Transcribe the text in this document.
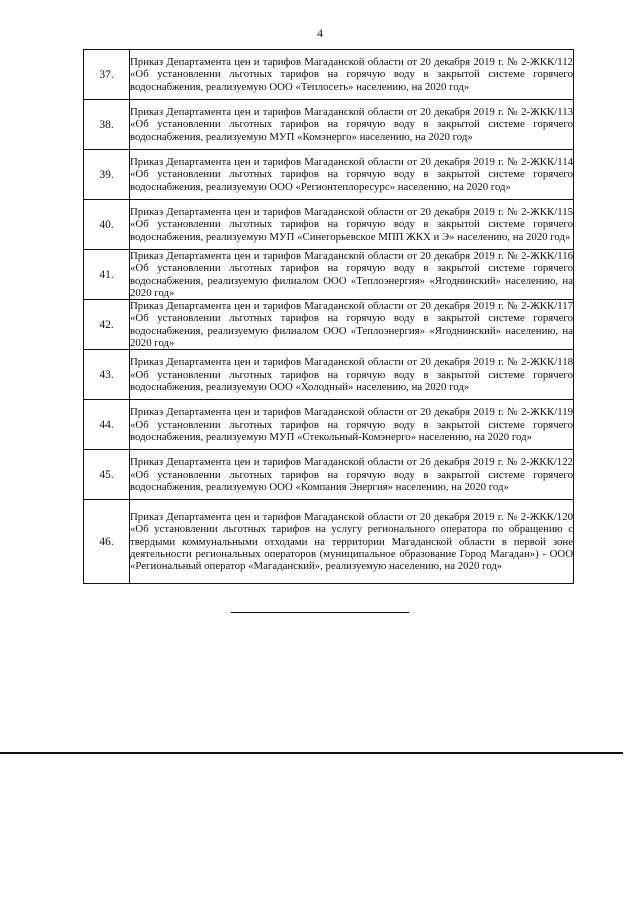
4
37.	Приказ Департамента цен и тарифов Магаданской области от 20 декабря 2019 г. № 2-ЖКК/112 «Об установлении льготных тарифов на горячую воду в закрытой системе горячего водоснабжения, реализуемую ООО «Теплосеть» населению, на 2020 год»
38.	Приказ Департамента цен и тарифов Магаданской области от 20 декабря 2019 г. № 2-ЖКК/113 «Об установлении льготных тарифов на горячую воду в закрытой системе горячего водоснабжения, реализуемую МУП «Комэнерго» населению, на 2020 год»
39.	Приказ Департамента цен и тарифов Магаданской области от 20 декабря 2019 г. № 2-ЖКК/114 «Об установлении льготных тарифов на горячую воду в закрытой системе горячего водоснабжения, реализуемую ООО «Регионтеплоресурс» населению, на 2020 год»
40.	Приказ Департамента цен и тарифов Магаданской области от 20 декабря 2019 г. № 2-ЖКК/115 «Об установлении льготных тарифов на горячую воду в закрытой системе горячего водоснабжения, реализуемую МУП «Синегорьевское МПП ЖКХ и Э» населению, на 2020 год»
41.	Приказ Департамента цен и тарифов Магаданской области от 20 декабря 2019 г. № 2-ЖКК/116 «Об установлении льготных тарифов на горячую воду в закрытой системе горячего водоснабжения, реализуемую филиалом ООО «Теплоэнергия» «Ягоднинский» населению, на 2020 год»
42.	Приказ Департамента цен и тарифов Магаданской области от 20 декабря 2019 г. № 2-ЖКК/117 «Об установлении льготных тарифов на горячую воду в закрытой системе горячего водоснабжения, реализуемую филиалом ООО «Теплоэнергия» «Ягоднинский» населению, на 2020 год»
43.	Приказ Департамента цен и тарифов Магаданской области от 20 декабря 2019 г. № 2-ЖКК/118 «Об установлении льготных тарифов на горячую воду в закрытой системе горячего водоснабжения, реализуемую ООО «Холодный» населению, на 2020 год»
44.	Приказ Департамента цен и тарифов Магаданской области от 20 декабря 2019 г. № 2-ЖКК/119 «Об установлении льготных тарифов на горячую воду в закрытой системе горячего водоснабжения, реализуемую МУП «Стекольный-Комэнерго» населению, на 2020 год»
45.	Приказ Департамента цен и тарифов Магаданской области от 26 декабря 2019 г. № 2-ЖКК/122 «Об установлении льготных тарифов на горячую воду в закрытой системе горячего водоснабжения, реализуемую ООО «Компания Энергия» населению, на 2020 год»
46.	Приказ Департамента цен и тарифов Магаданской области от 20 декабря 2019 г. № 2-ЖКК/120 «Об установлении льготных тарифов на услугу регионального оператора по обращению с твердыми коммунальными отходами на территории Магаданской области в первой зоне деятельности региональных операторов (муниципальное образование Город Магадан») - ООО «Региональный оператор «Магаданский», реализуемую населению, на 2020 год»
